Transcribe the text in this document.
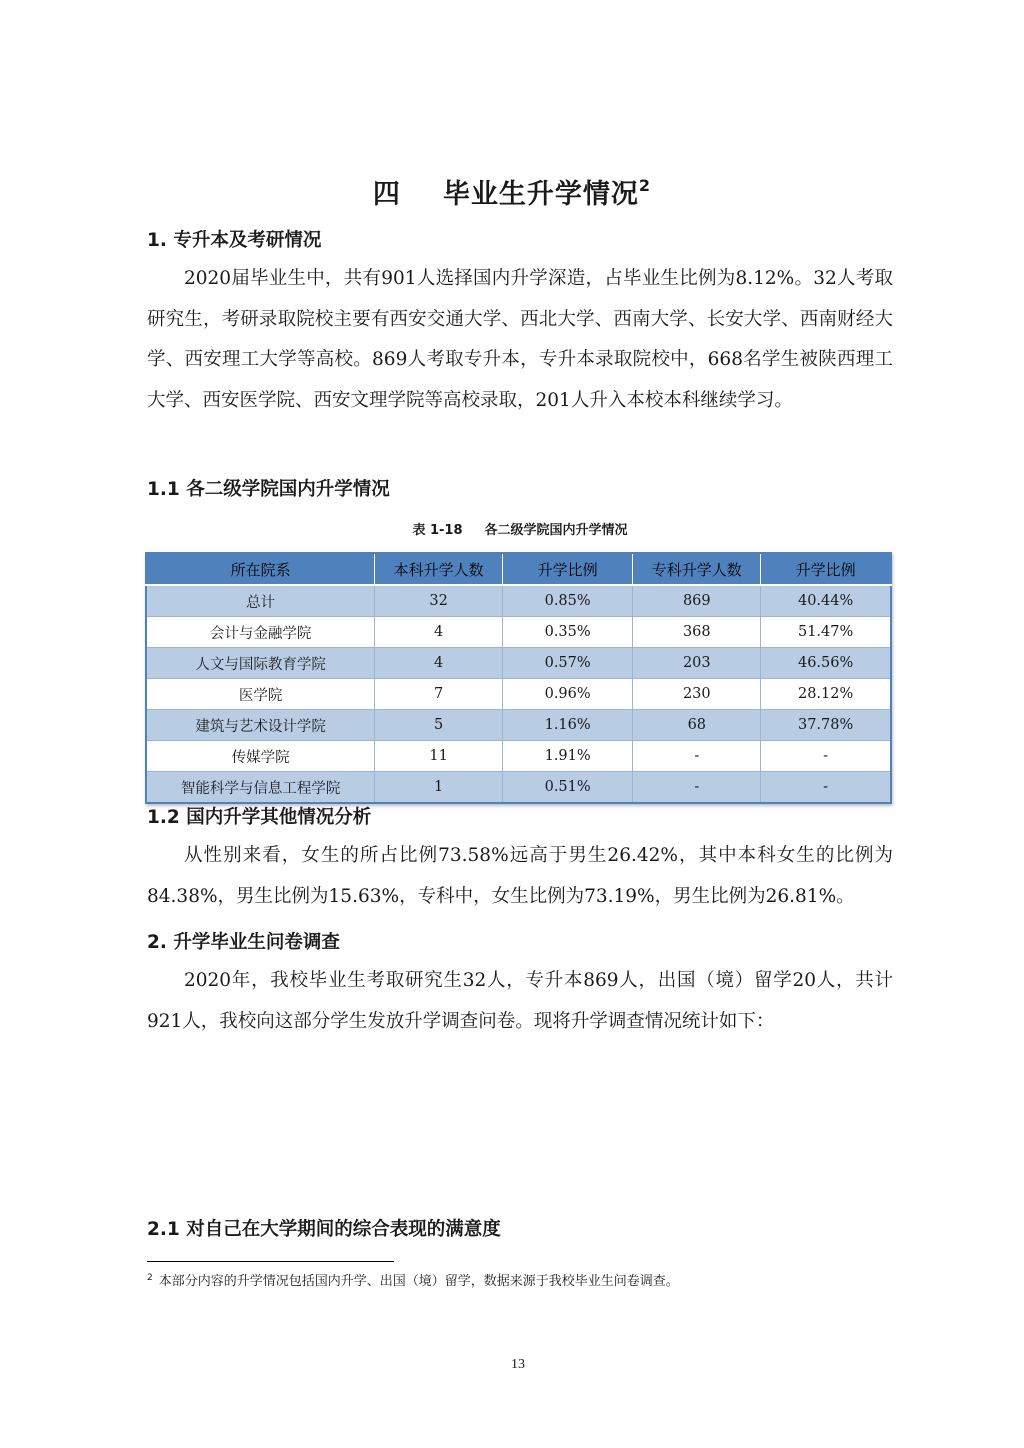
四 毕业生升学情况$^2$
1. 专升本及考研情况

2020届毕业生中，共有901人选择国内升学深造，占毕业生比例为8.12%。32人考取研究生，考研录取院校主要有西安交通大学、西北大学、西南大学、长安大学、西南财经大学、西安理工大学等高校。869人考取专升本，专升本录取院校中，668名学生被陕西理工大学、西安医学院、西安文理学院等高校录取，201人升入本校本科继续学习。

1.1 各二级学院国内升学情况
表 1-18 各二级学院国内升学情况
所在院系	本科升学人数	升学比例	专科升学人数	升学比例
总计	32	0.85%	869	40.44%
会计与金融学院	4	0.35%	368	51.47%
人文与国际教育学院	4	0.57%	203	46.56%
医学院	7	0.96%	230	28.12%
建筑与艺术设计学院	5	1.16%	68	37.78%
传媒学院	11	1.91%	-	-
智能科学与信息工程学院	1	0.51%	-	-
1.2 国内升学其他情况分析

从性别来看，女生的所占比例73.58%远高于男生26.42%，其中本科女生的比例为84.38%，男生比例为15.63%，专科中，女生比例为73.19%，男生比例为26.81%。

2. 升学毕业生问卷调查

2020年，我校毕业生考取研究生32人，专升本869人，出国（境）留学20人，共计921人，我校向这部分学生发放升学调查问卷。现将升学调查情况统计如下：

2.1 对自己在大学期间的综合表现的满意度
$^2$ 本部分内容的升学情况包括国内升学、出国（境）留学，数据来源于我校毕业生问卷调查。
13
